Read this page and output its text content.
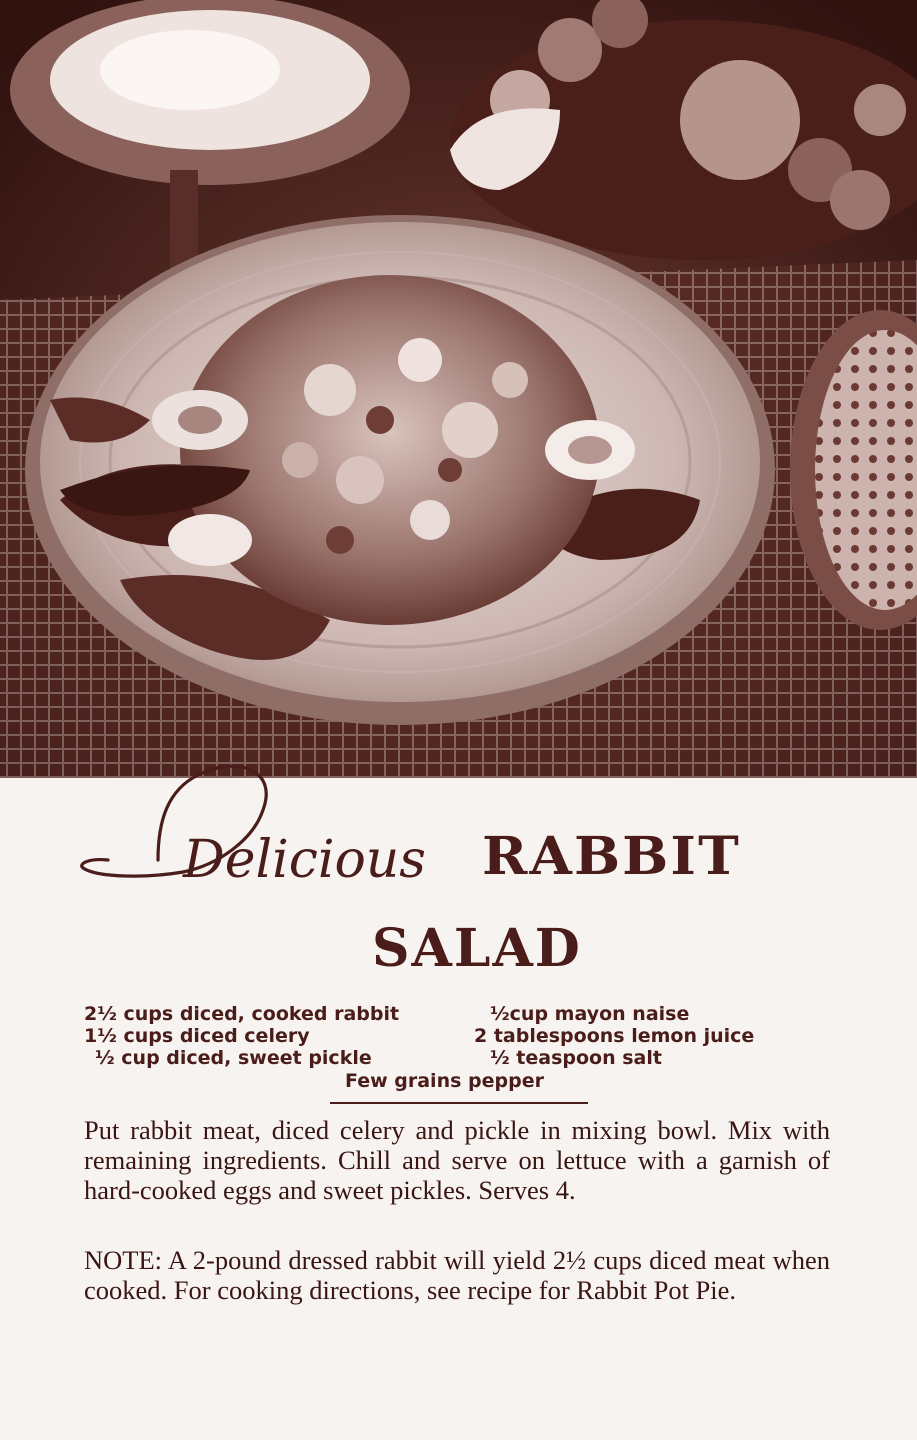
Delicious RABBIT
SALAD
2½ cups diced, cooked rabbit
1½ cups diced celery
½ cup diced, sweet pickle
½cup mayon naise
2 tablespoons lemon juice
½ teaspoon salt
Few grains pepper

Put rabbit meat, diced celery and pickle in mixing bowl. Mix with remaining ingredients. Chill and serve on lettuce with a garnish of hard-cooked eggs and sweet pickles. Serves 4.

NOTE: A 2-pound dressed rabbit will yield 2½ cups diced meat when cooked. For cooking directions, see recipe for Rabbit Pot Pie.
